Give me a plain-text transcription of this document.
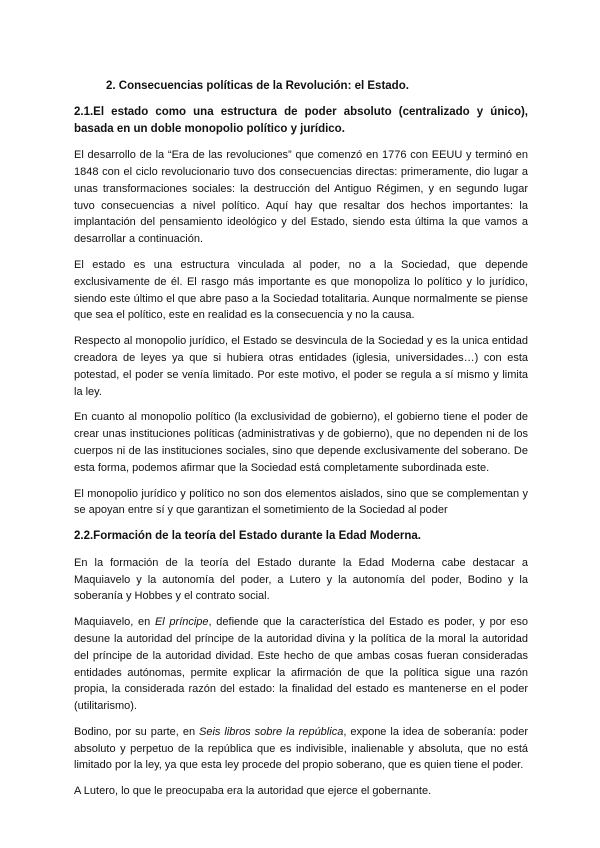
2. Consecuencias políticas de la Revolución: el Estado.
2.1.El estado como una estructura de poder absoluto (centralizado y único), basada en un doble monopolio político y jurídico.

El desarrollo de la “Era de las revoluciones” que comenzó en 1776 con EEUU y terminó en 1848 con el ciclo revolucionario tuvo dos consecuencias directas: primeramente, dio lugar a unas transformaciones sociales: la destrucción del Antiguo Régimen, y en segundo lugar tuvo consecuencias a nivel político. Aquí hay que resaltar dos hechos importantes: la implantación del pensamiento ideológico y del Estado, siendo esta última la que vamos a desarrollar a continuación.

El estado es una estructura vinculada al poder, no a la Sociedad, que depende exclusivamente de él. El rasgo más importante es que monopoliza lo político y lo jurídico, siendo este último el que abre paso a la Sociedad totalitaria. Aunque normalmente se piense que sea el político, este en realidad es la consecuencia y no la causa.

Respecto al monopolio jurídico, el Estado se desvincula de la Sociedad y es la unica entidad creadora de leyes ya que si hubiera otras entidades (iglesia, universidades…) con esta potestad, el poder se venía limitado. Por este motivo, el poder se regula a sí mismo y limita la ley.

En cuanto al monopolio político (la exclusividad de gobierno), el gobierno tiene el poder de crear unas instituciones políticas (administrativas y de gobierno), que no dependen ni de los cuerpos ni de las instituciones sociales, sino que depende exclusivamente del soberano. De esta forma, podemos afirmar que la Sociedad está completamente subordinada este.

El monopolio jurídico y político no son dos elementos aislados, sino que se complementan y se apoyan entre sí y que garantizan el sometimiento de la Sociedad al poder

2.2.Formación de la teoría del Estado durante la Edad Moderna.

En la formación de la teoría del Estado durante la Edad Moderna cabe destacar a Maquiavelo y la autonomía del poder, a Lutero y la autonomía del poder, Bodino y la soberanía y Hobbes y el contrato social.

Maquiavelo, en El príncipe, defiende que la característica del Estado es poder, y por eso desune la autoridad del príncipe de la autoridad divina y la política de la moral la autoridad del príncipe de la autoridad dividad. Este hecho de que ambas cosas fueran consideradas entidades autónomas, permite explicar la afirmación de que la política sigue una razón propia, la considerada razón del estado: la finalidad del estado es mantenerse en el poder (utilitarismo).

Bodino, por su parte, en Seis libros sobre la república, expone la idea de soberanía: poder absoluto y perpetuo de la república que es indivisible, inalienable y absoluta, que no está limitado por la ley, ya que esta ley procede del propio soberano, que es quien tiene el poder.

A Lutero, lo que le preocupaba era la autoridad que ejerce el gobernante.
